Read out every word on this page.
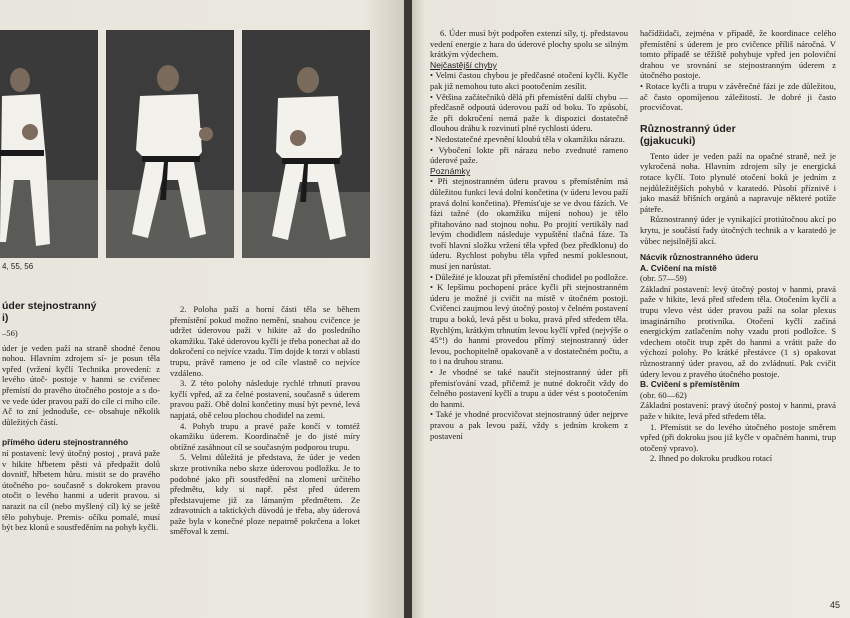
4, 55, 56

úder stejnostranný

i)

–56)

úder je veden paží na straně shodné čenou nohou. Hlavním zdrojem sí- je posun těla vpřed (vržení kyčlí Technika provedení: z levého útoč- postoje v hanmi se cvičenec přemístí do pravého útočného postoje a s do- ve vede úder pravou paží do cíle ci rního cíle. Ač to zní jednoduše, ce- obsahuje několik důležitých částí.

přímého úderu stejnostranného

ní postavení: levý útočný postoj , pravá paže v hikite hřbetem pěsti vá předpažit dolů dovnitř, hřbetem hůru. mistit se do pravého útočného po- současně s dokrokem pravou otočit o levého hanmi a uderit pravou. si narazit na cíl (nebo myšlený cíl) ký se ještě tělo pohybuje. Premis- očíku pomalé, musí být bez klonů e soustředěním na pohyb kyčli.

2. Poloha paží a horní části těla se během přemístění pokud možno nemění, snahou cvičence je udržet úderovou paži v hikite až do posledního okamžiku. Také úderovou kyčli je třeba ponechat až do dokročení co nejvíce vzadu. Tím dojde k torzi v oblasti trupu, právě rameno je od cíle vlastně co nejvíce vzdáleno.

3. Z této polohy následuje rychlé trhnutí pravou kyčlí vpřed, až za čelné postavení, současně s úderem pravou paží. Obě dolní končetiny musí být pevné, levá napjatá, obě celou plochou chodidel na zemi.

4. Pohyb trupu a pravé paže končí v tomtéž okamžiku úderem. Koordinačně je do jisté míry obtížné zasáhnout cíl se současným podporou trupu.

5. Velmi důležitá je představa, že úder je veden skrze protivníka nebo skrze úderovou podložku. Je to podobné jako při soustředění na zlomení určitého předmětu, kdy si např. pěst před úderem představujeme již za lámaným předmětem. Ze zdravotních a taktických důvodů je třeba, aby úderová paže byla v konečné ploze nepatrně pokrčena a loket směřoval k zemi.

6. Úder musí být podpořen extenzí síly, tj. představou vedení energie z hara do úderové plochy spolu se silným krátkým výdechem.

Nejčastější chyby

• Velmi častou chybou je předčasné otočení kyčli. Kyčle pak již nemohou tuto akci pootočením zesílit.

• Většina začátečníků dělá při přemístění další chybu — předčasně odpoutá úderovou paží od boku. To způsobí, že při dokročení nemá paže k dispozici dostatečně dlouhou dráhu k rozvinutí plné rychlosti úderu.

• Nedostatečné zpevnění kloubů těla v okamžiku nárazu.

• Vybočení lokte při nárazu nebo zvednuté rameno úderové paže.

Poznámky

• Při stejnostranném úderu pravou s přemístěním má důležitou funkci levá dolní končetina (v úderu levou paží pravá dolní končetina). Přemísťuje se ve dvou fázích. Ve fázi tažné (do okamžiku míjení nohou) je tělo přitahováno nad stojnou nohu. Po projití vertikály nad levým chodidlem následuje vypuštění tlačná fáze. Ta tvoří hlavní složku vržení těla vpřed (bez předklonu) do úderu. Rychlost pohybu těla vpřed nesmí poklesnout, musí jen narůstat.

• Důležité je klouzat při přemístění chodidel po podložce.

• K lepšímu pochopení práce kyčli při stejnostranném úderu je možné ji cvičit na místě v útočném postoji. Cvičenci zaujmou levý útočný postoj v čelném postavení trupu a boků, levá pěst u boku, pravá před středem těla. Rychlým, krátkým trhnutím levou kyčlí vpřed (nejvýše o 45°!) do hanmi provedou přímý stejnostranný úder levou, pochopitelně opakovaně a v dostatečném počtu, a to i na druhou stranu.

• Je vhodné se také naučit stejnostranný úder při přemisťování vzad, přičemž je nutné dokročit vždy do čelného postavení kyčlí a trupu a úder vést s pootočením do hanmi.

• Také je vhodné procvičovat stejnostranný úder nejprve pravou a pak levou paží, vždy s jedním krokem z postavení

hačídžidači, zejména v případě, že koordinace celého přemístění s úderem je pro cvičence příliš náročná. V tomto případě se těžiště pohybuje vpřed jen poloviční drahou ve srovnání se stejnostranným úderem z útočného postoje.

• Rotace kyčli a trupu v závěrečné fázi je zde důležitou, ač často opomíjenou záležitostí. Je dobré ji často procvičovat.

Různostranný úder

(gjakucuki)

Tento úder je veden paží na opačné straně, než je vykročená noha. Hlavním zdrojem síly je energická rotace kyčlí. Toto plynulé otočení boků je jedním z nejdůležitějších pohybů v karatedó. Působí příznivě i jako masáž břišních orgánů a napravuje některé potíže páteře.

Různostranný úder je vynikající protiútočnou akcí po krytu, je součástí řady útočných technik a v karatedó je vůbec nejsilnější akcí.

Nácvik různostranného úderu

A. Cvičení na místě

(obr. 57—59)

Základní postavení: levý útočný postoj v hanmi, pravá paže v hikite, levá před středem těla. Otočením kyčlí a trupu vlevo vést úder pravou paží na solar plexus imaginárního protivníka. Otočení kyčlí začíná energickým zatlačením nohy vzadu proti podložce. S vdechem otočit trup zpět do hanmi a vrátit paže do výchozí polohy. Po krátké přestávce (1 s) opakovat různostranný úder pravou, až do zvládnutí. Pak cvičit údery levou z pravého útočného postoje.

B. Cvičení s přemístěním

(obr. 60—62)

Základní postavení: pravý útočný postoj v hanmi, pravá paže v hikite, levá před středem těla.

1. Přemístit se do levého útočného postoje směrem vpřed (při dokroku jsou již kyčle v opačném hanmi, trup otočený vpravo).

2. Ihned po dokroku prudkou rotací

45
